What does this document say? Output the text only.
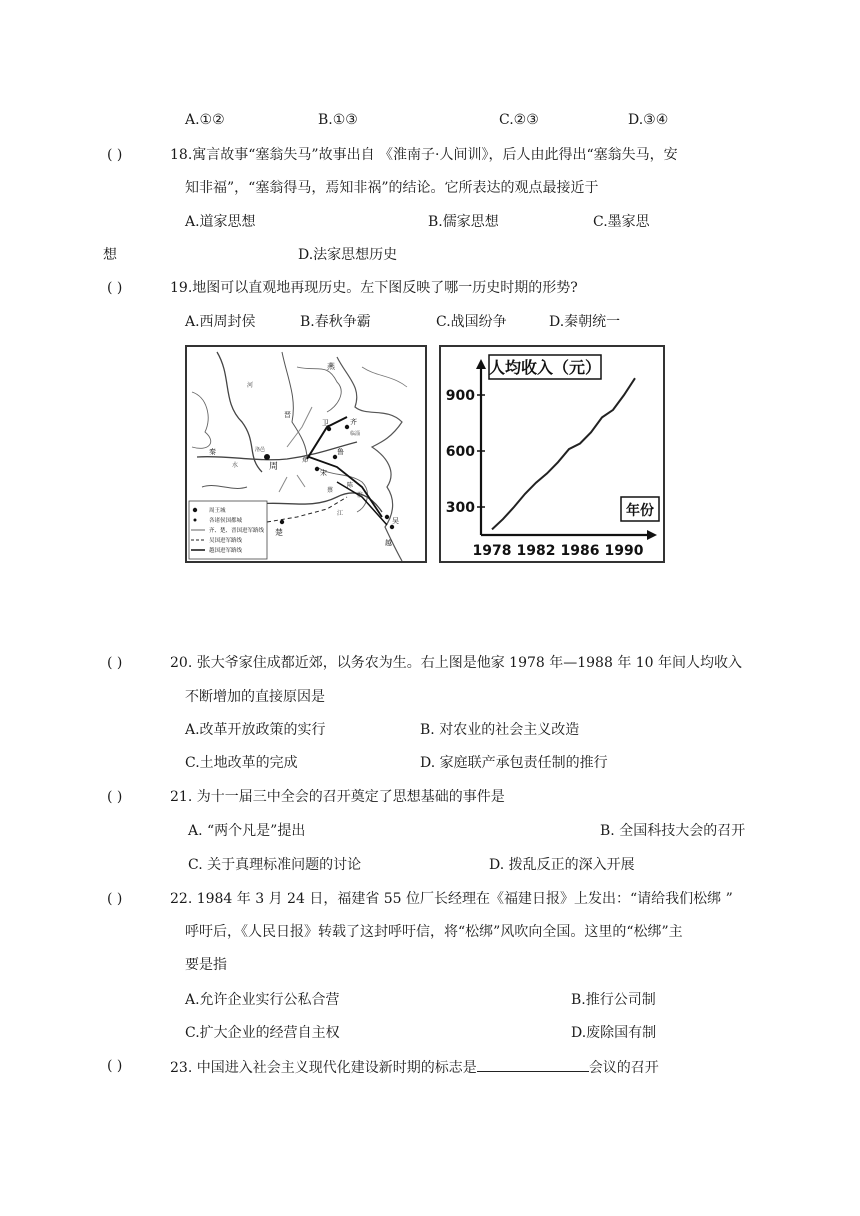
A.①②	B.①③	C.②③	D.③④
( )	18.寓言故事“塞翁失马”故事出自 《淮南子·人间训》，后人由此得出“塞翁失马，安
知非福”，“塞翁得马，焉知非祸”的结论。它所表达的观点最接近于
A.道家思想	B.儒家思想	C.墨家思
想	D.法家思想历史
( )	19.地图可以直观地再现历史。左下图反映了哪一历史时期的形势?
A.西周封侯	B.春秋争霸	C.战国纷争	D.秦朝统一
燕
卫	齐
鲁
宋
周
楚
吴
越
秦
晋
郑
陈
蔡
河
江
淮
水
临淄
洛邑
周王城
各诸侯国都城
齐、楚、晋国进军路线
吴国进军路线
越国进军路线
人均收入（元）
年份
300
600
900
1978 1982 1986 1990
( )	20. 张大爷家住成都近郊，以务农为生。右上图是他家 1978 年—1988 年 10 年间人均收入
不断增加的直接原因是
A.改革开放政策的实行	B. 对农业的社会主义改造
C.土地改革的完成	D. 家庭联产承包责任制的推行
( )	21. 为十一届三中全会的召开奠定了思想基础的事件是
A. “两个凡是”提出	B. 全国科技大会的召开
C. 关于真理标准问题的讨论	D. 拨乱反正的深入开展
( )	22. 1984 年 3 月 24 日，福建省 55 位厂长经理在《福建日报》上发出：“请给我们松绑 ”
呼吁后，《人民日报》转载了这封呼吁信，将“松绑”风吹向全国。这里的“松绑”主
要是指
A.允许企业实行公私合营	B.推行公司制
C.扩大企业的经营自主权	D.废除国有制
( )	23. 中国进入社会主义现代化建设新时期的标志是	会议的召开
